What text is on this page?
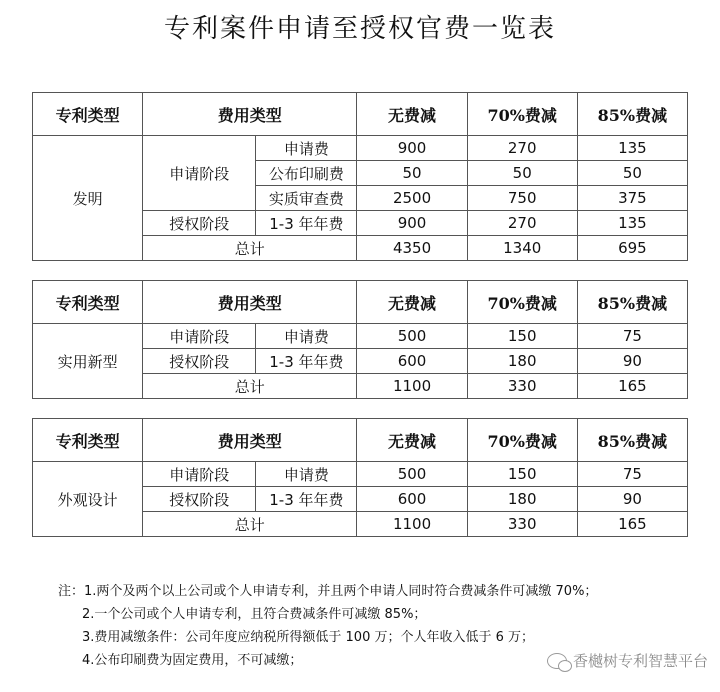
专利案件申请至授权官费一览表
专利类型	费用类型		无费减	70%费减	85%费减
发明	申请阶段	申请费	900	270	135
		公布印刷费	50	50	50
		实质审查费	2500	750	375
	授权阶段	1-3 年年费	900	270	135
	总计		4350	1340	695
专利类型	费用类型		无费减	70%费减	85%费减
实用新型	申请阶段	申请费	500	150	75
	授权阶段	1-3 年年费	600	180	90
	总计		1100	330	165
专利类型	费用类型		无费减	70%费减	85%费减
外观设计	申请阶段	申请费	500	150	75
	授权阶段	1-3 年年费	600	180	90
	总计		1100	330	165
注：1.两个及两个以上公司或个人申请专利，并且两个申请人同时符合费减条件可减缴 70%；
2.一个公司或个人申请专利，且符合费减条件可减缴 85%；
3.费用减缴条件：公司年度应纳税所得额低于 100 万；个人年收入低于 6 万；
4.公布印刷费为固定费用，不可减缴；	香樾树专利智慧平台
